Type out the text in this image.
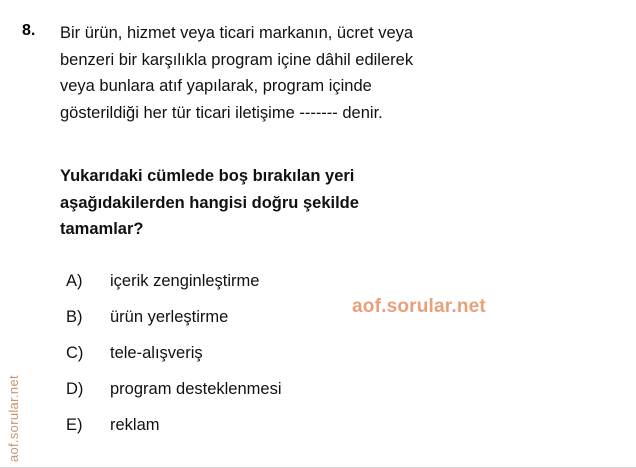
8. Bir ürün, hizmet veya ticari markanın, ücret veya
benzeri bir karşılıkla program içine dâhil edilerek
veya bunlara atıf yapılarak, program içinde
gösterildiği her tür ticari iletişime ------- denir.
Yukarıdaki cümlede boş bırakılan yeri
aşağıdakilerden hangisi doğru şekilde
tamamlar?
A)	içerik zenginleştirme
B)	ürün yerleştirme
C)	tele-alışveriş
D)	program desteklenmesi
E)	reklam
aof.sorular.net
aof.sorular.net
